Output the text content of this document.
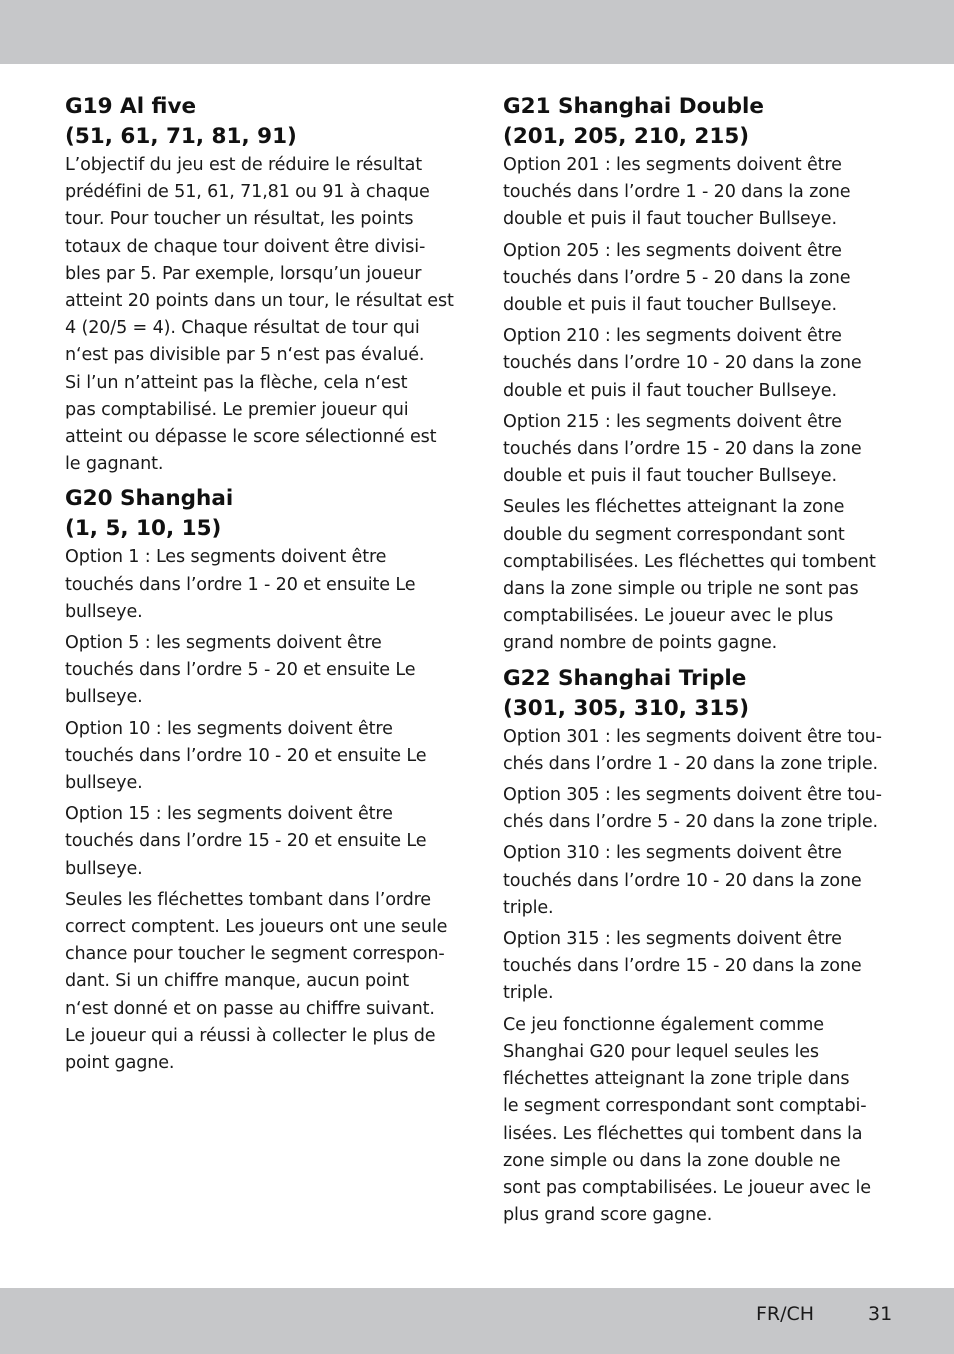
G19 Al five
(51, 61, 71, 81, 91)

L’objectif du jeu est de réduire le résultat
prédéfini de 51, 61, 71,81 ou 91 à chaque
tour. Pour toucher un résultat, les points
totaux de chaque tour doivent être divisi-
bles par 5. Par exemple, lorsqu’un joueur
atteint 20 points dans un tour, le résultat est
4 (20/5 = 4). Chaque résultat de tour qui
n‘est pas divisible par 5 n‘est pas évalué.
Si l’un n’atteint pas la flèche, cela n‘est
pas comptabilisé. Le premier joueur qui
atteint ou dépasse le score sélectionné est
le gagnant.

G20 Shanghai
(1, 5, 10, 15)

Option 1 : Les segments doivent être
touchés dans l’ordre 1 - 20 et ensuite Le
bullseye.

Option 5 : les segments doivent être
touchés dans l’ordre 5 - 20 et ensuite Le
bullseye.

Option 10 : les segments doivent être
touchés dans l’ordre 10 - 20 et ensuite Le
bullseye.

Option 15 : les segments doivent être
touchés dans l’ordre 15 - 20 et ensuite Le
bullseye.

Seules les fléchettes tombant dans l’ordre
correct comptent. Les joueurs ont une seule
chance pour toucher le segment correspon-
dant. Si un chiffre manque, aucun point
n‘est donné et on passe au chiffre suivant.
Le joueur qui a réussi à collecter le plus de
point gagne.

G21 Shanghai Double
(201, 205, 210, 215)

Option 201 : les segments doivent être
touchés dans l’ordre 1 - 20 dans la zone
double et puis il faut toucher Bullseye.

Option 205 : les segments doivent être
touchés dans l’ordre 5 - 20 dans la zone
double et puis il faut toucher Bullseye.

Option 210 : les segments doivent être
touchés dans l’ordre 10 - 20 dans la zone
double et puis il faut toucher Bullseye.

Option 215 : les segments doivent être
touchés dans l’ordre 15 - 20 dans la zone
double et puis il faut toucher Bullseye.

Seules les fléchettes atteignant la zone
double du segment correspondant sont
comptabilisées. Les fléchettes qui tombent
dans la zone simple ou triple ne sont pas
comptabilisées. Le joueur avec le plus
grand nombre de points gagne.

G22 Shanghai Triple
(301, 305, 310, 315)

Option 301 : les segments doivent être tou-
chés dans l’ordre 1 - 20 dans la zone triple.

Option 305 : les segments doivent être tou-
chés dans l’ordre 5 - 20 dans la zone triple.

Option 310 : les segments doivent être
touchés dans l’ordre 10 - 20 dans la zone
triple.

Option 315 : les segments doivent être
touchés dans l’ordre 15 - 20 dans la zone
triple.

Ce jeu fonctionne également comme
Shanghai G20 pour lequel seules les
fléchettes atteignant la zone triple dans
le segment correspondant sont comptabi-
lisées. Les fléchettes qui tombent dans la
zone simple ou dans la zone double ne
sont pas comptabilisées. Le joueur avec le
plus grand score gagne.

FR/CH	31
